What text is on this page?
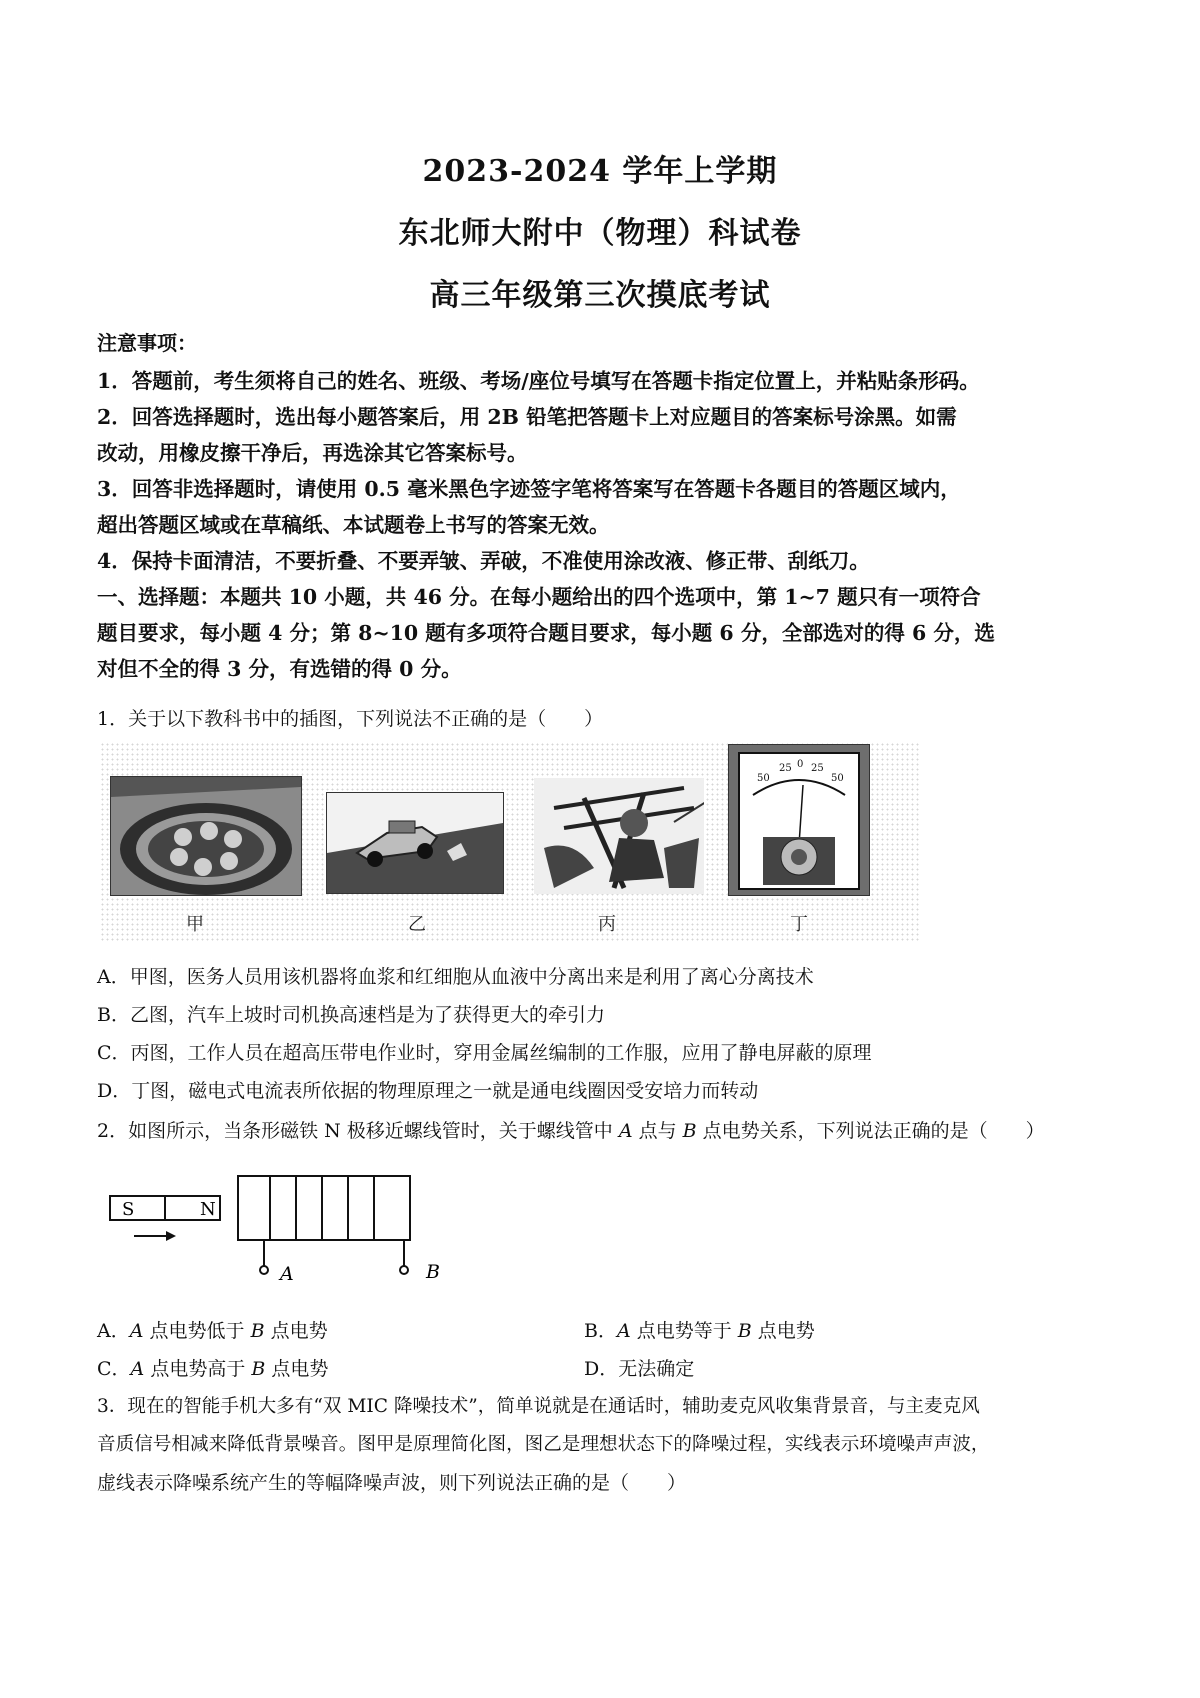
2023-2024 学年上学期
东北师大附中（物理）科试卷
高三年级第三次摸底考试
注意事项：
1．答题前，考生须将自己的姓名、班级、考场/座位号填写在答题卡指定位置上，并粘贴条形码。
2．回答选择题时，选出每小题答案后，用 2B 铅笔把答题卡上对应题目的答案标号涂黑。如需
改动，用橡皮擦干净后，再选涂其它答案标号。
3．回答非选择题时，请使用 0.5 毫米黑色字迹签字笔将答案写在答题卡各题目的答题区域内，
超出答题区域或在草稿纸、本试题卷上书写的答案无效。
4．保持卡面清洁，不要折叠、不要弄皱、弄破，不准使用涂改液、修正带、刮纸刀。
一、选择题：本题共 10 小题，共 46 分。在每小题给出的四个选项中，第 1~7 题只有一项符合
题目要求，每小题 4 分；第 8~10 题有多项符合题目要求，每小题 6 分，全部选对的得 6 分，选
对但不全的得 3 分，有选错的得 0 分。
1．关于以下教科书中的插图，下列说法不正确的是（　　）
甲	乙	丙
50
25 0 25
50
丁
A．甲图，医务人员用该机器将血浆和红细胞从血液中分离出来是利用了离心分离技术
B．乙图，汽车上坡时司机换高速档是为了获得更大的牵引力
C．丙图，工作人员在超高压带电作业时，穿用金属丝编制的工作服，应用了静电屏蔽的原理
D．丁图，磁电式电流表所依据的物理原理之一就是通电线圈因受安培力而转动
2．如图所示，当条形磁铁 N 极移近螺线管时，关于螺线管中 A 点与 B 点电势关系，下列说法正确的是（　　）
S	N
A	B
A．A 点电势低于 B 点电势	B．A 点电势等于 B 点电势
C．A 点电势高于 B 点电势	D．无法确定
3．现在的智能手机大多有“双 MIC 降噪技术”，简单说就是在通话时，辅助麦克风收集背景音，与主麦克风
音质信号相减来降低背景噪音。图甲是原理简化图，图乙是理想状态下的降噪过程，实线表示环境噪声声波，
虚线表示降噪系统产生的等幅降噪声波，则下列说法正确的是（　　）
